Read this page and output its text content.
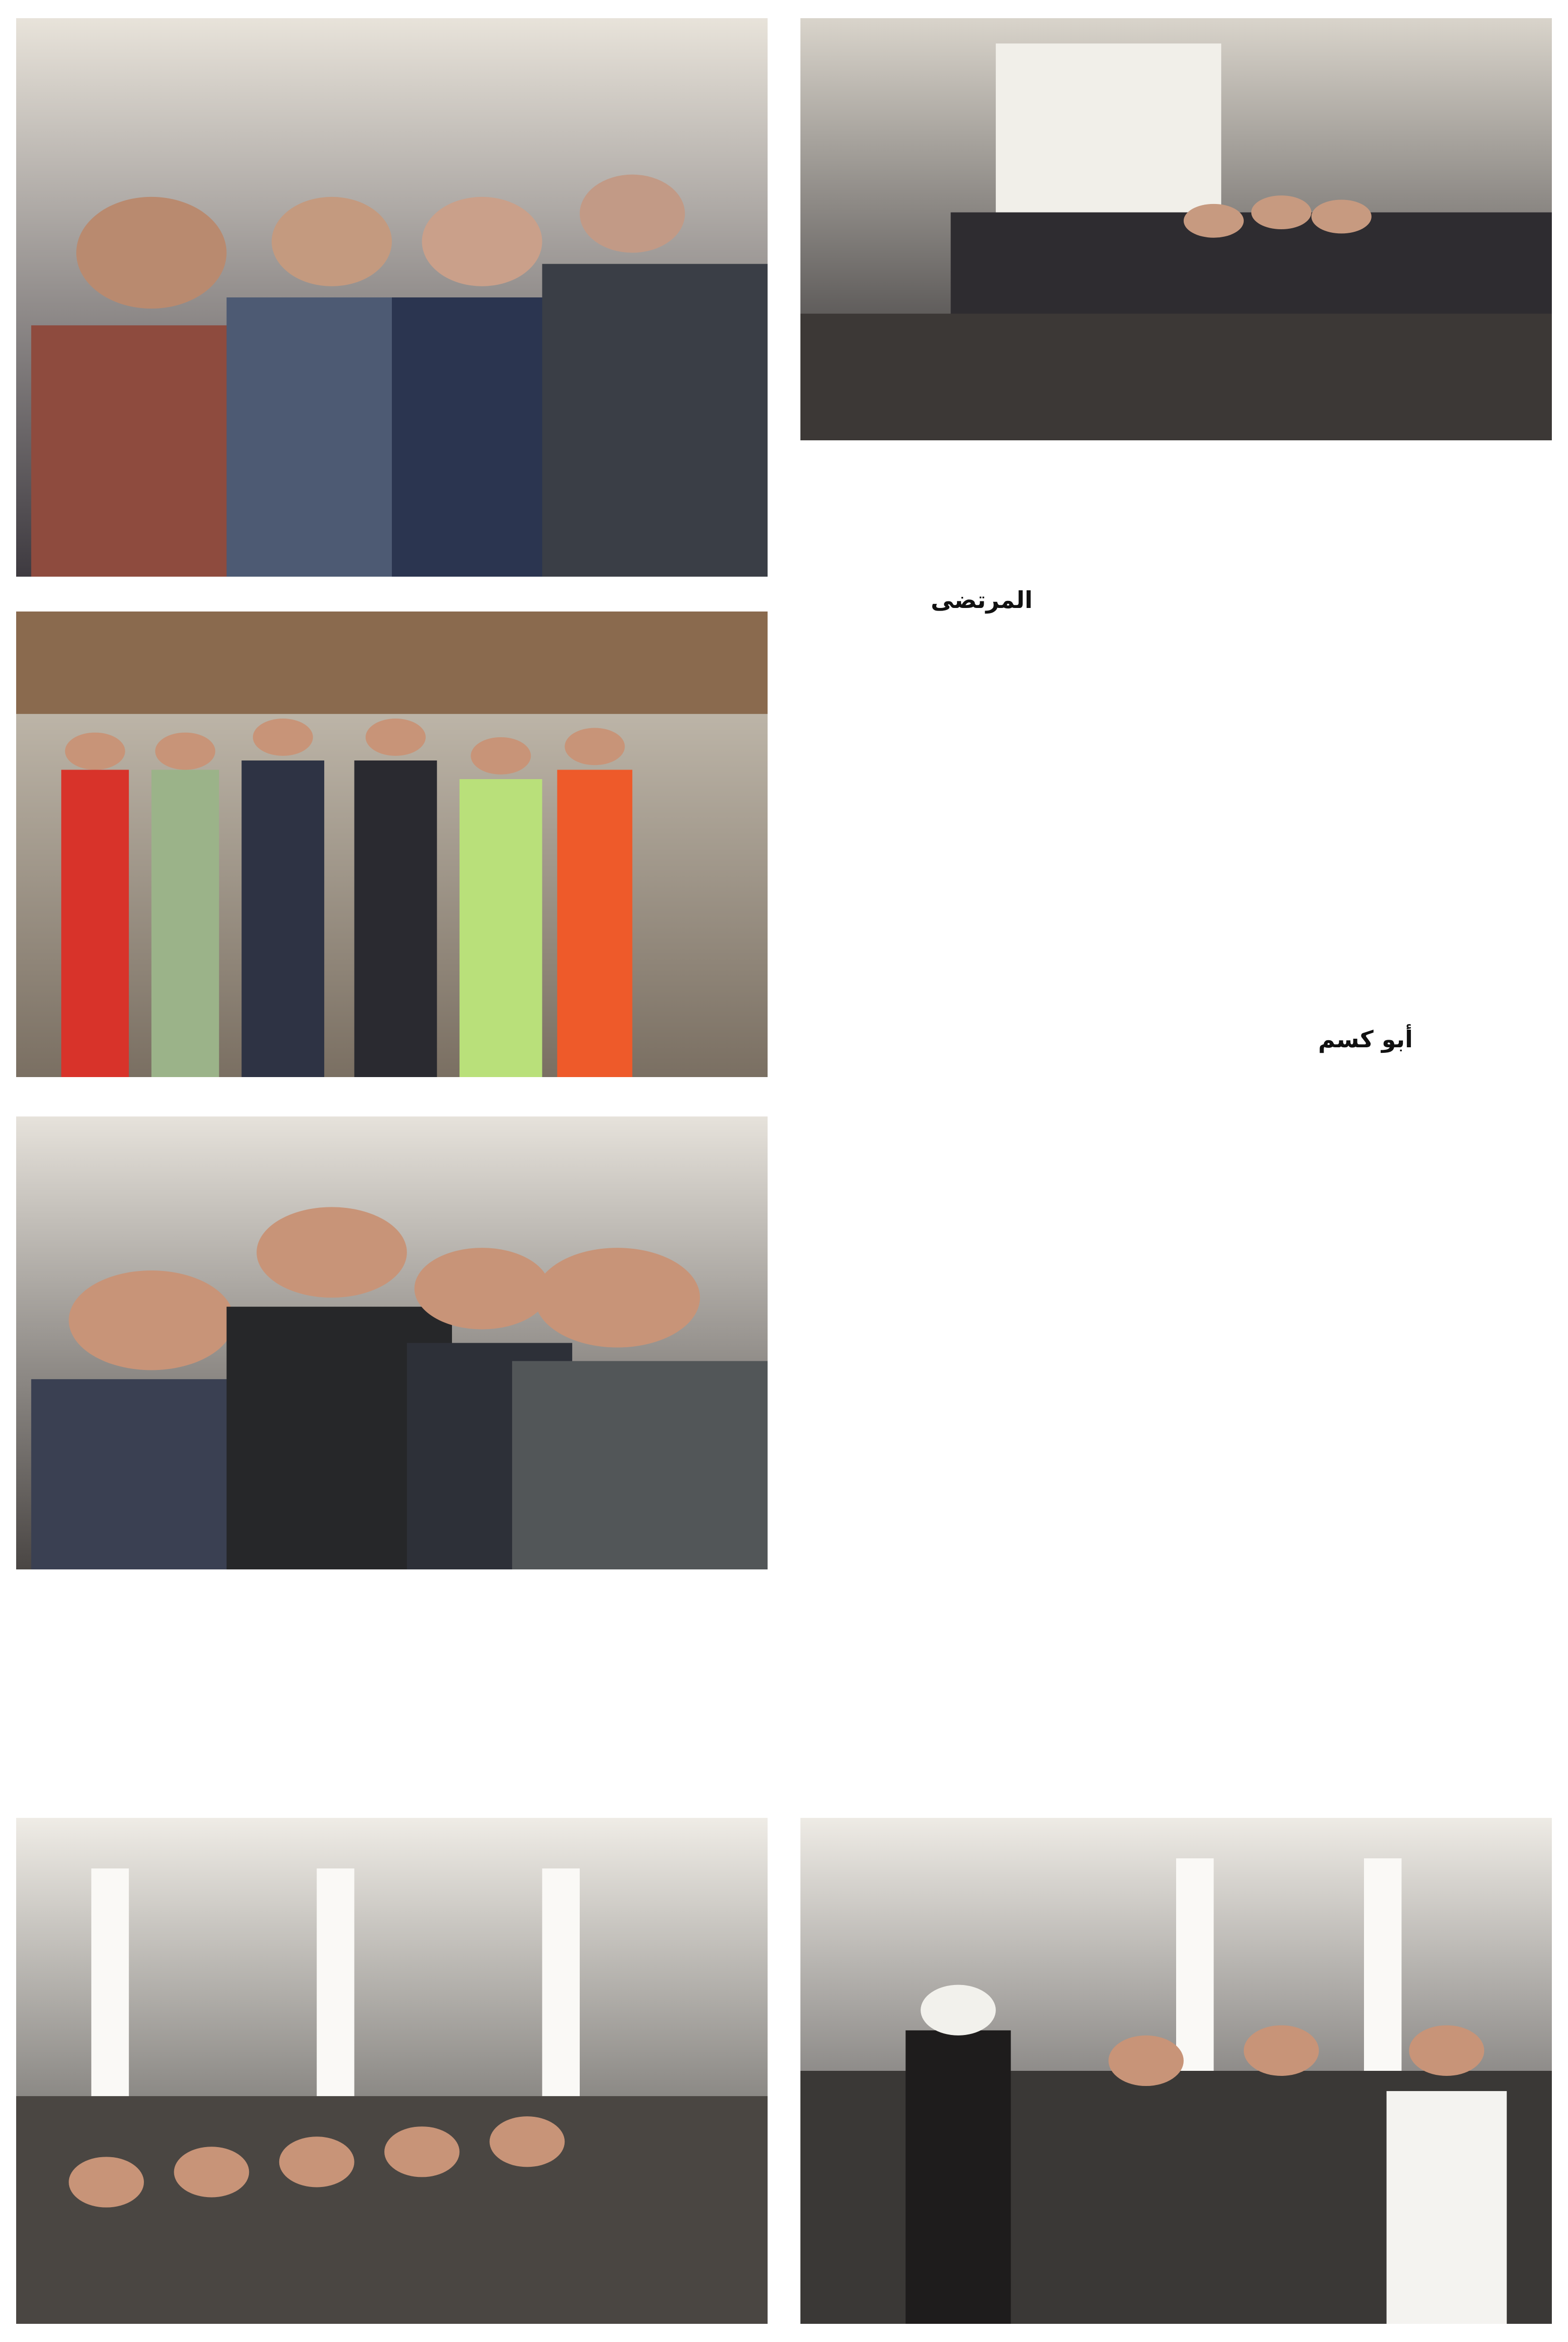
أبو كسم
المرتضى
